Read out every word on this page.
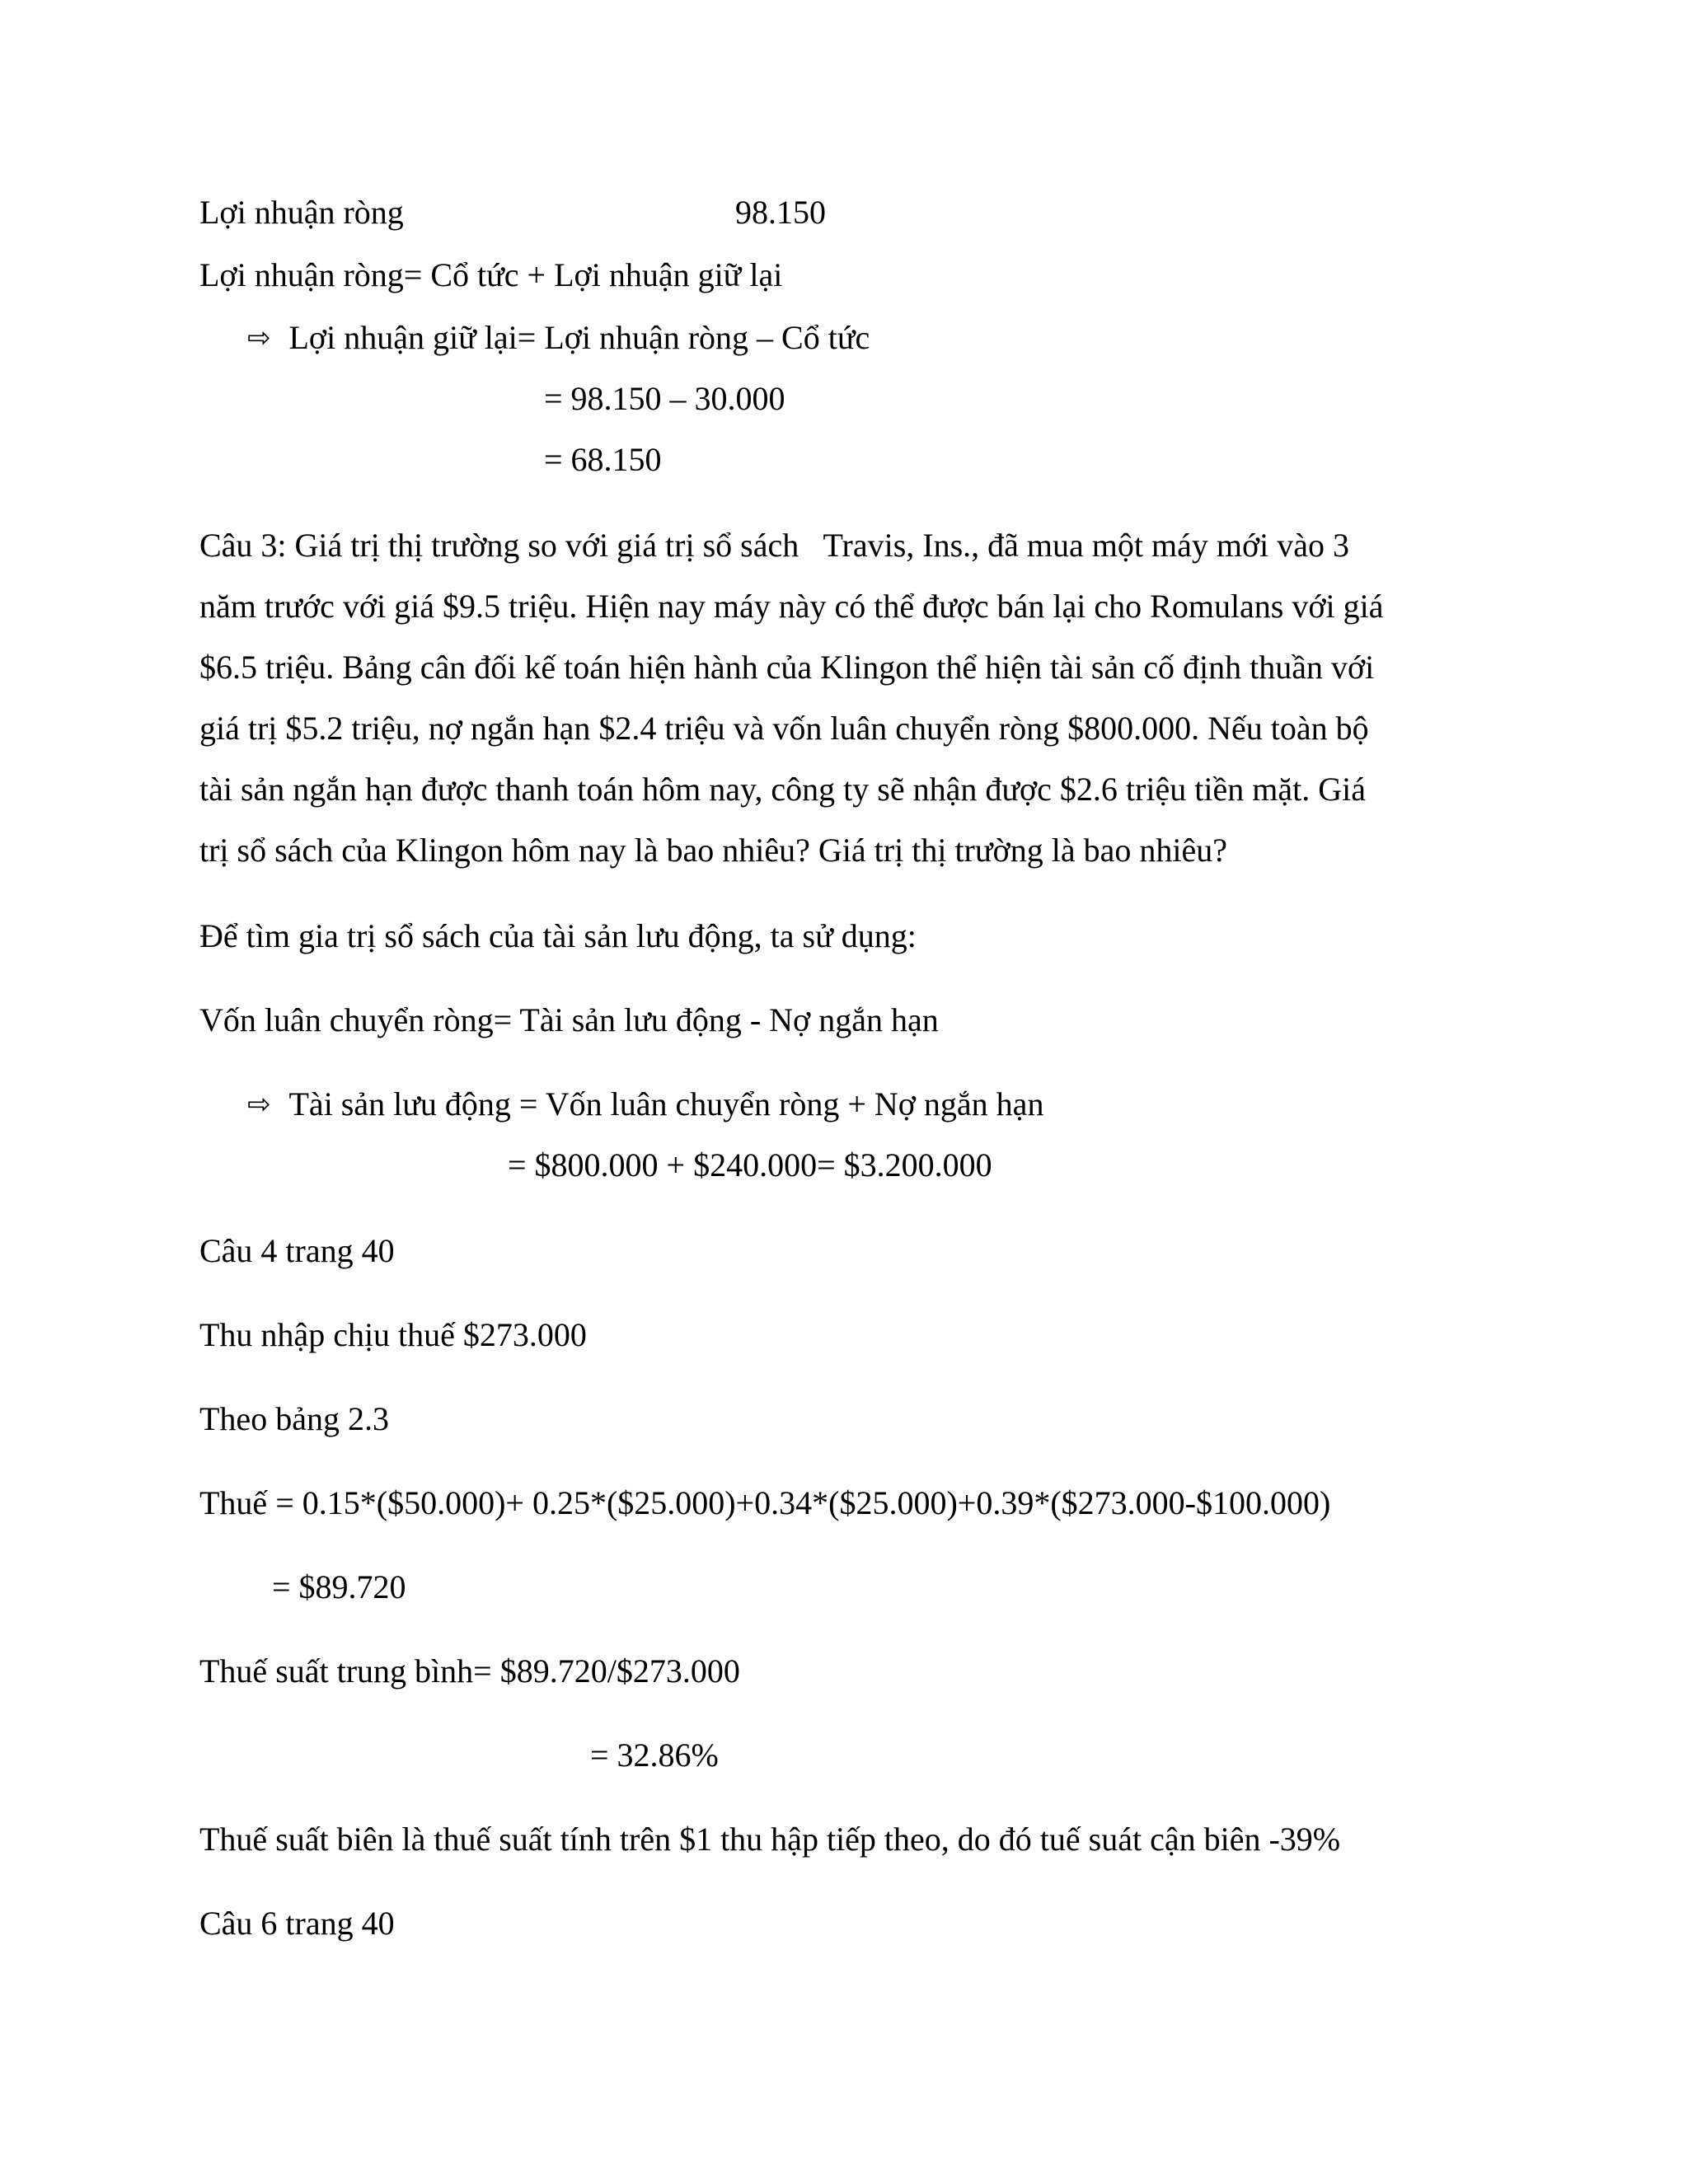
Lợi nhuận ròng	98.150
Lợi nhuận ròng= Cổ tức + Lợi nhuận giữ lại
⇨ Lợi nhuận giữ lại= Lợi nhuận ròng – Cổ tức
= 98.150 – 30.000
= 68.150
Câu 3: Giá trị thị trường so với giá trị sổ sách   Travis, Ins., đã mua một máy mới vào 3
năm trước với giá $9.5 triệu. Hiện nay máy này có thể được bán lại cho Romulans với giá
$6.5 triệu. Bảng cân đối kế toán hiện hành của Klingon thể hiện tài sản cố định thuần với
giá trị $5.2 triệu, nợ ngắn hạn $2.4 triệu và vốn luân chuyển ròng $800.000. Nếu toàn bộ
tài sản ngắn hạn được thanh toán hôm nay, công ty sẽ nhận được $2.6 triệu tiền mặt. Giá
trị sổ sách của Klingon hôm nay là bao nhiêu? Giá trị thị trường là bao nhiêu?
Để tìm gia trị sổ sách của tài sản lưu động, ta sử dụng:
Vốn luân chuyển ròng= Tài sản lưu động - Nợ ngắn hạn
⇨ Tài sản lưu động = Vốn luân chuyển ròng + Nợ ngắn hạn
= $800.000 + $240.000= $3.200.000
Câu 4 trang 40
Thu nhập chịu thuế $273.000
Theo bảng 2.3
Thuế = 0.15*($50.000)+ 0.25*($25.000)+0.34*($25.000)+0.39*($273.000-$100.000)
= $89.720
Thuế suất trung bình= $89.720/$273.000
= 32.86%
Thuế suất biên là thuế suất tính trên $1 thu hập tiếp theo, do đó tuế suát cận biên -39%
Câu 6 trang 40
